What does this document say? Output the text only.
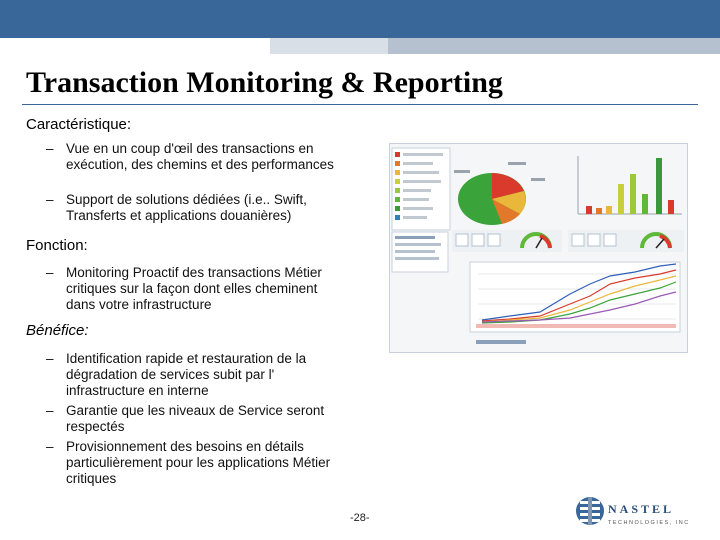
Transaction Monitoring & Reporting
Caractéristique:
– Vue en un coup d'œil des transactions en exécution, des chemins et des performances
– Support de solutions dédiées (i.e.. Swift, Transferts et applications douanières)
Fonction:
– Monitoring Proactif des transactions Métier critiques sur la façon dont elles cheminent dans votre infrastructure
Bénéfice:
– Identification rapide et restauration de la dégradation de services subit par l' infrastructure en interne
– Garantie que les niveaux de Service seront respectés
– Provisionnement des besoins en détails particulièrement pour les applications Métier critiques
-28-
NASTEL
TECHNOLOGIES, INC
